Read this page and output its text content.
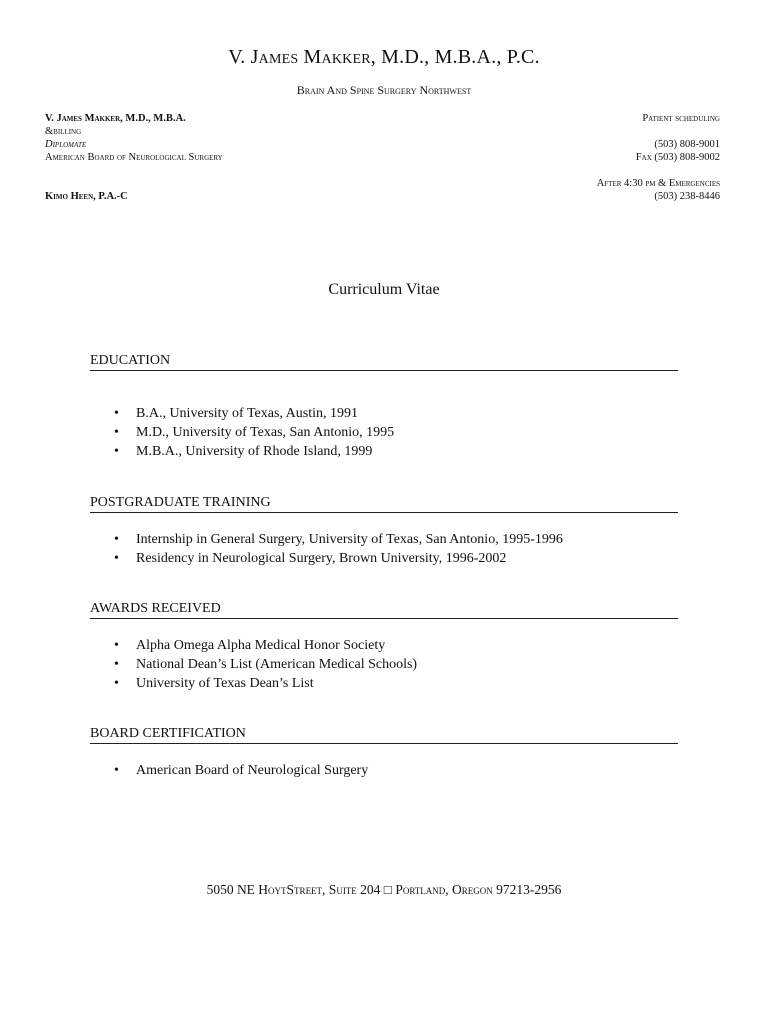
V. James Makker, M.D., M.B.A., P.C.
Brain And Spine Surgery Northwest
V. James Makker, M.D., M.B.A.
&billing
Diplomate
American Board of Neurological Surgery
Patient scheduling
(503) 808-9001
Fax (503) 808-9002
After 4:30 pm & Emergencies
(503) 238-8446
Kimo Heen, P.A.-C
Curriculum Vitae
EDUCATION
• B.A., University of Texas, Austin, 1991
• M.D., University of Texas, San Antonio, 1995
• M.B.A., University of Rhode Island, 1999
POSTGRADUATE TRAINING
• Internship in General Surgery, University of Texas, San Antonio, 1995-1996
• Residency in Neurological Surgery, Brown University, 1996-2002
AWARDS RECEIVED
• Alpha Omega Alpha Medical Honor Society
• National Dean’s List (American Medical Schools)
• University of Texas Dean’s List
BOARD CERTIFICATION
• American Board of Neurological Surgery
5050 NE HoytStreet, Suite 204 □ Portland, Oregon 97213-2956
